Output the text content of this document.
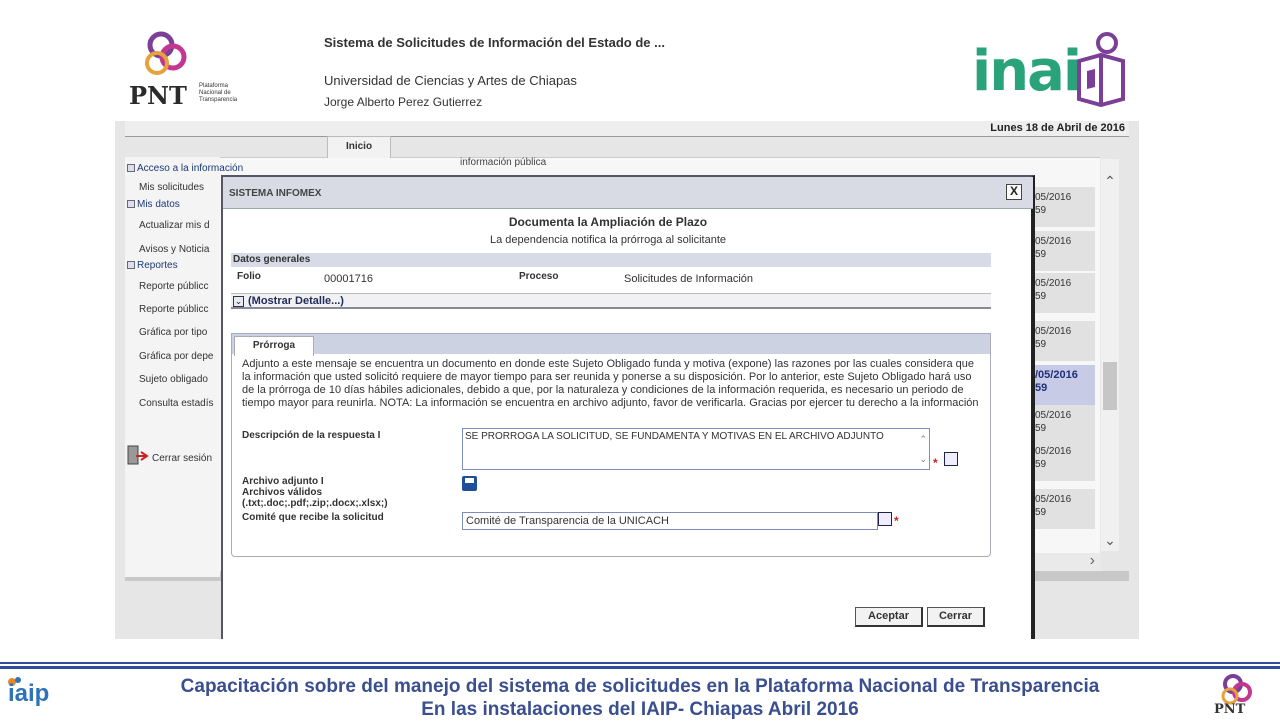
PNT Plataforma Nacional de Transparencia
Sistema de Solicitudes de Información del Estado de ...
Universidad de Ciencias y Artes de Chiapas
Jorge Alberto Perez Gutierrez	inai
Lunes 18 de Abril de 2016
Inicio
información pública
05/2016
59
05/2016
59
05/2016
59
05/2016
59
/05/2016
59
05/2016
59
05/2016
59
05/2016
59
⌃
⌄
›
Acceso a la información
Mis solicitudes
Mis datos
Actualizar mis d
Avisos y Noticia
Reportes
Reporte públicc
Reporte públicc
Gráfica por tipo
Gráfica por depe
Sujeto obligado
Consulta estadís
Cerrar sesión
SISTEMA INFOMEX	X
Documenta la Ampliación de Plazo
La dependencia notifica la prórroga al solicitante
Datos generales
Folio	00001716	Proceso	Solicitudes de Información
⌄ (Mostrar Detalle...)
Prórroga
Adjunto a este mensaje se encuentra un documento en donde este Sujeto Obligado funda y motiva (expone) las razones por las cuales considera que la información que usted solicitó requiere de mayor tiempo para ser reunida y ponerse a su disposición. Por lo anterior, este Sujeto Obligado hará uso de la prórroga de 10 días hábiles adicionales, debido a que, por la naturaleza y condiciones de la información requerida, es necesario un periodo de tiempo mayor para reunirla. NOTA: La información se encuentra en archivo adjunto, favor de verificarla. Gracias por ejercer tu derecho a la información
Descripción de la respuesta I	SE PRORROGA LA SOLICITUD, SE FUNDAMENTA Y MOTIVAS EN EL ARCHIVO ADJUNTO	⌃
⌄ *
Archivo adjunto I
Archivos válidos
(.txt;.doc;.pdf;.zip;.docx;.xlsx;)
Comité que recibe la solicitud	Comité de Transparencia de la UNICACH	*
Aceptar	Cerrar
iaip	Capacitación sobre del manejo del sistema de solicitudes en la Plataforma Nacional de Transparencia
En las instalaciones del IAIP- Chiapas Abril 2016	PNT
